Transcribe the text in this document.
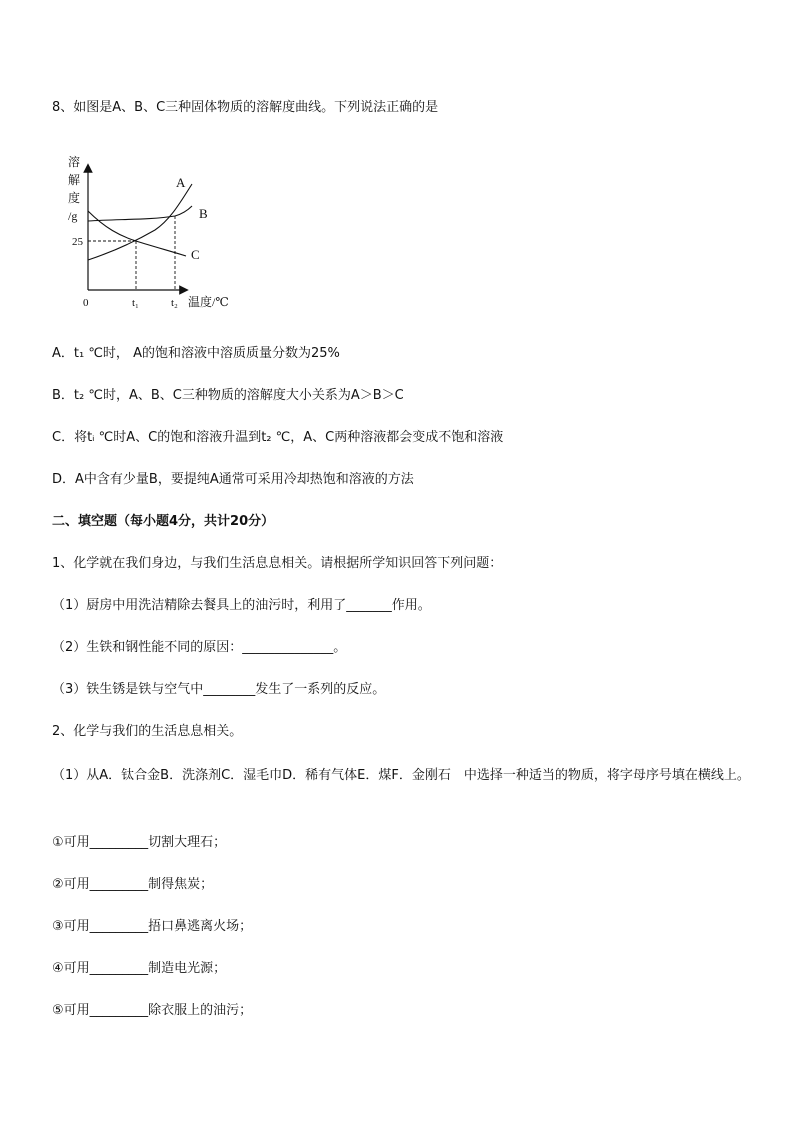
8、如图是A、B、C三种固体物质的溶解度曲线。下列说法正确的是
溶
解
度
/g
25
A
B
C
0	t₁	t₂ 温度/℃
A．t₁ ℃时， A的饱和溶液中溶质质量分数为25%
B．t₂ ℃时，A、B、C三种物质的溶解度大小关系为A＞B＞C
C．将tᵢ ℃时A、C的饱和溶液升温到t₂ ℃，A、C两种溶液都会变成不饱和溶液
D．A中含有少量B，要提纯A通常可采用冷却热饱和溶液的方法
二、填空题（每小题4分，共计20分）
1、化学就在我们身边，与我们生活息息相关。请根据所学知识回答下列问题：
（1）厨房中用洗洁精除去餐具上的油污时，利用了_______作用。
（2）生铁和钢性能不同的原因：______________。
（3）铁生锈是铁与空气中________发生了一系列的反应。
2、化学与我们的生活息息相关。
（1）从A．钛合金B．洗涤剂C．湿毛巾D．稀有气体E．煤F．金刚石　中选择一种适当的物质，将字母序号填在横线上。
①可用_________切割大理石；
②可用_________制得焦炭；
③可用_________捂口鼻逃离火场；
④可用_________制造电光源；
⑤可用_________除衣服上的油污；
